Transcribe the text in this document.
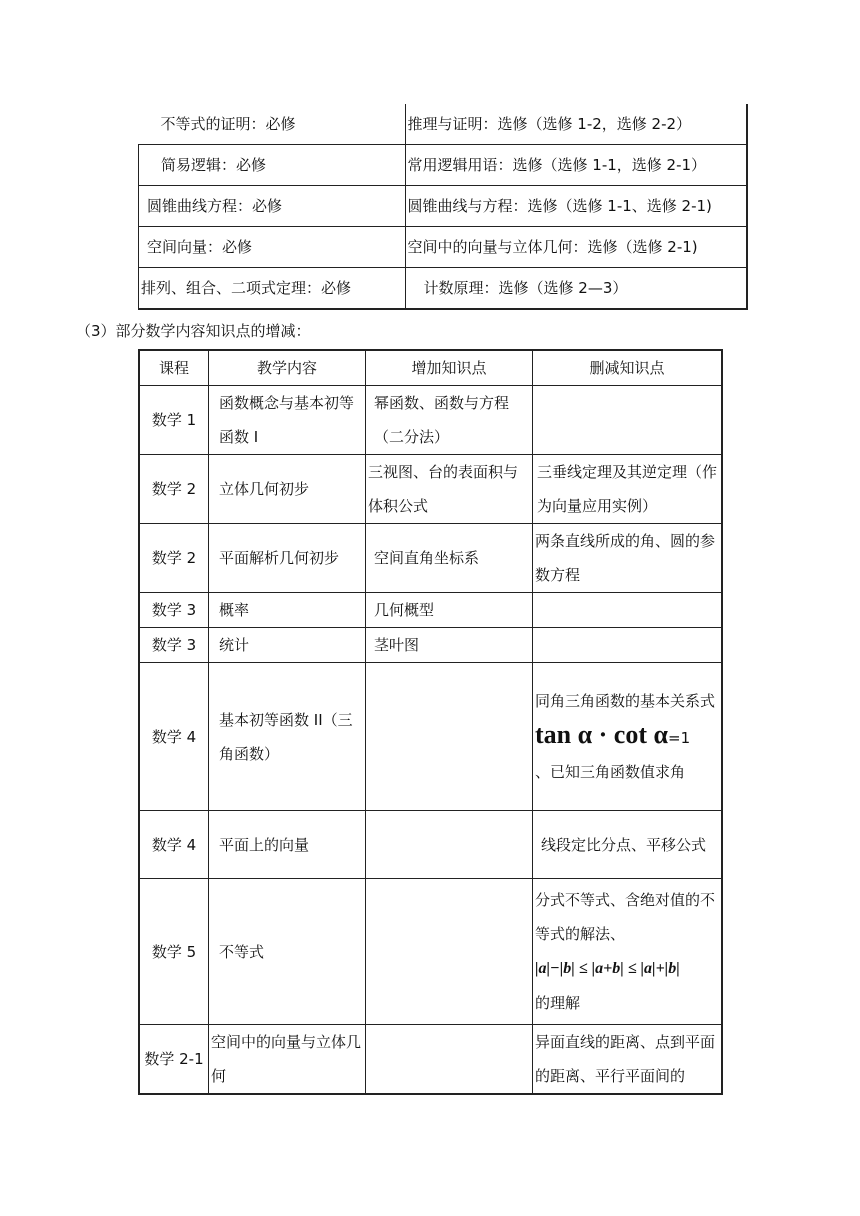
不等式的证明：必修	推理与证明：选修（选修 1-2，选修 2-2）
简易逻辑：必修	常用逻辑用语：选修（选修 1-1，选修 2-1）
圆锥曲线方程：必修	圆锥曲线与方程：选修（选修 1-1、选修 2-1)
空间向量：必修	空间中的向量与立体几何：选修（选修 2-1)
排列、组合、二项式定理：必修	计数原理：选修（选修 2—3）
（3）部分数学内容知识点的增减：
课程	教学内容	增加知识点	删减知识点
数学 1	函数概念与基本初等函数 I	幂函数、函数与方程（二分法）	
数学 2	立体几何初步	三视图、台的表面积与体积公式	三垂线定理及其逆定理（作为向量应用实例）
数学 2	平面解析几何初步	空间直角坐标系	两条直线所成的角、圆的参数方程
数学 3	概率	几何概型	
数学 3	统计	茎叶图	
数学 4	基本初等函数 II（三角函数）		同角三角函数的基本关系式
tan α · cot α=1
、已知三角函数值求角
数学 4	平面上的向量		线段定比分点、平移公式
数学 5	不等式		分式不等式、含绝对值的不等式的解法、
|a|−|b| ≤ |a+b| ≤ |a|+|b|
的理解
数学 2-1	空间中的向量与立体几何		异面直线的距离、点到平面的距离、平行平面间的
